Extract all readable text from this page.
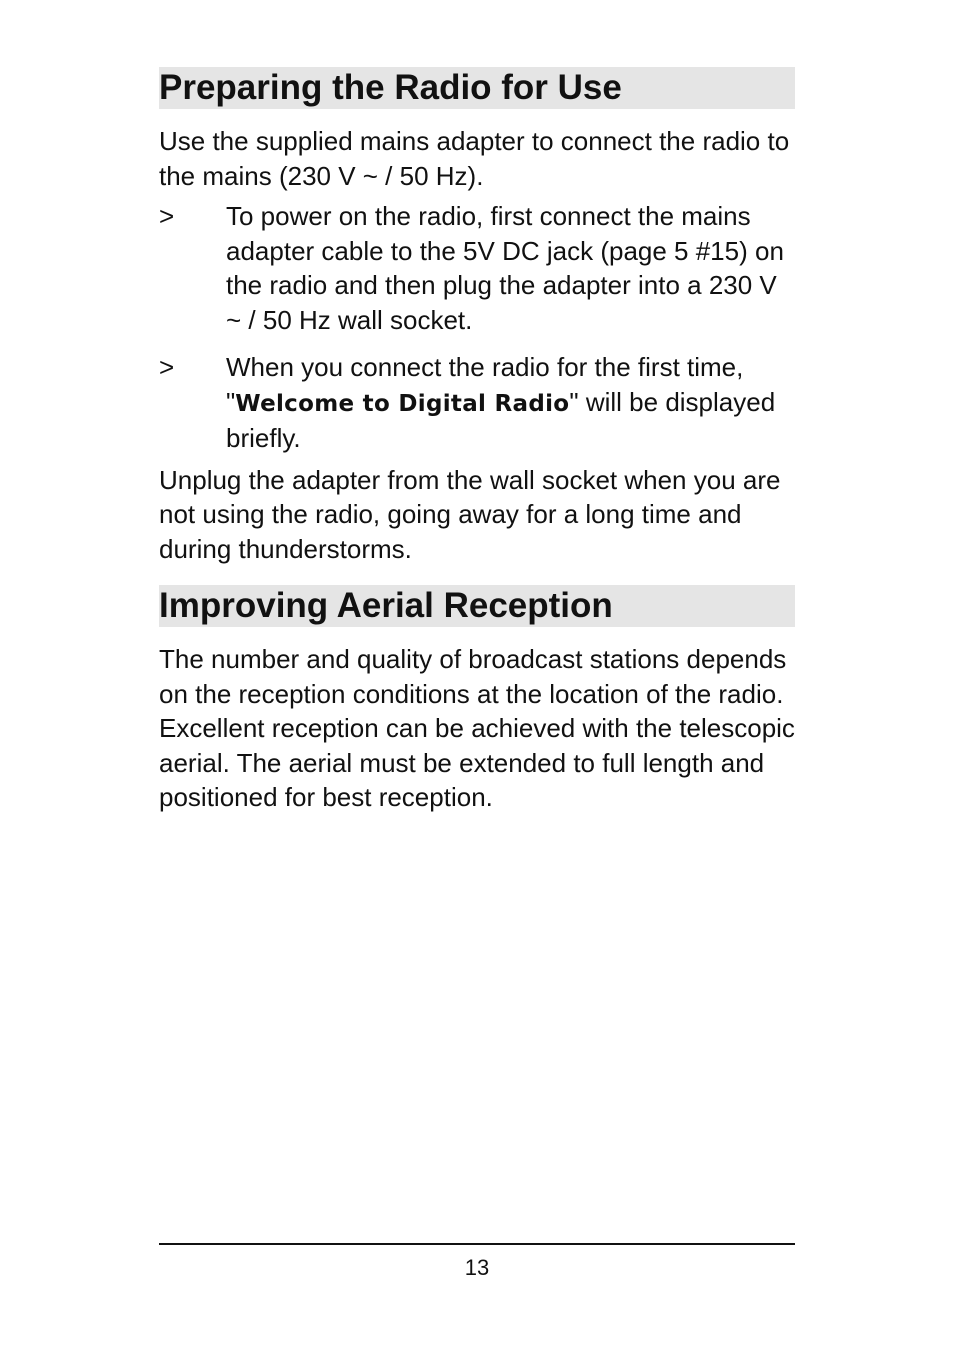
Preparing the Radio for Use

Use the supplied mains adapter to connect the radio to the mains (230 V ~ / 50 Hz).

>	To power on the radio, first connect the mains adapter cable to the 5V DC jack (page 5 #15) on the radio and then plug the adapter into a 230 V ~ / 50 Hz wall socket.
>	When you connect the radio for the first time, "Welcome to Digital Radio" will be displayed briefly.

Unplug the adapter from the wall socket when you are not using the radio, going away for a long time and during thunderstorms.

Improving Aerial Reception

The number and quality of broadcast stations depends on the reception conditions at the location of the radio. Excellent reception can be achieved with the telescopic aerial. The aerial must be extended to full length and positioned for best reception.

13
